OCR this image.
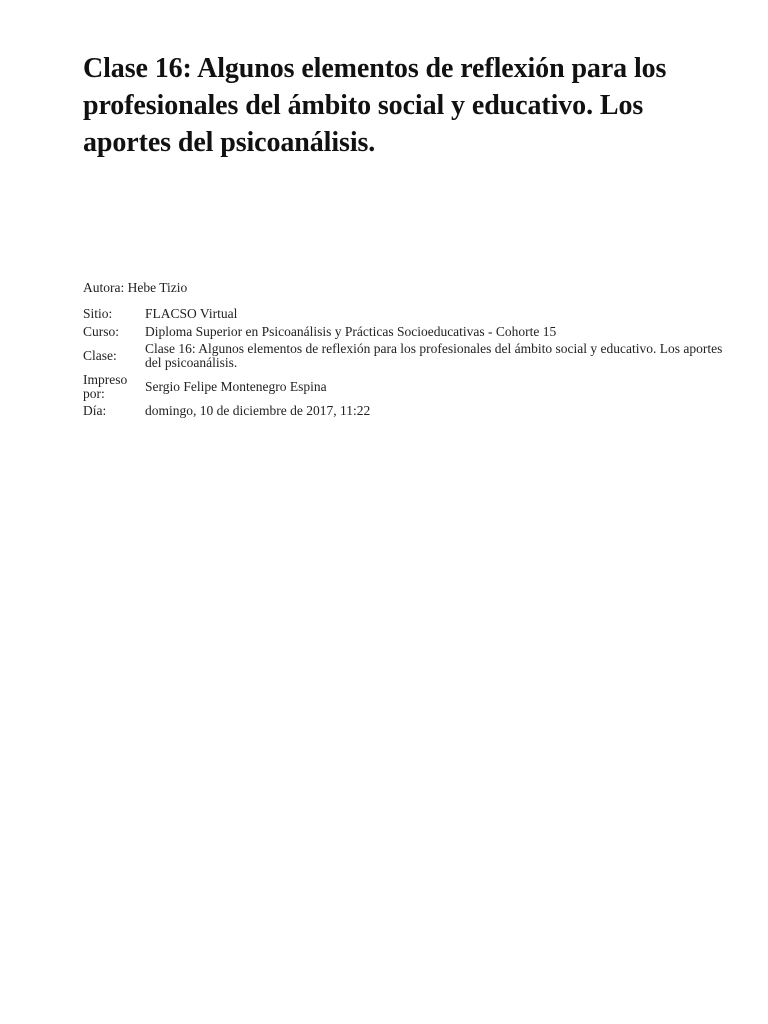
Clase 16: Algunos elementos de reflexión para los profesionales del ámbito social y educativo. Los aportes del psicoanálisis.
Autora: Hebe Tizio
Sitio:	FLACSO Virtual
Curso:	Diploma Superior en Psicoanálisis y Prácticas Socioeducativas - Cohorte 15
Clase:	Clase 16: Algunos elementos de reflexión para los profesionales del ámbito social y educativo. Los aportes del psicoanálisis.
Impreso por:	Sergio Felipe Montenegro Espina
Día:	domingo, 10 de diciembre de 2017, 11:22
